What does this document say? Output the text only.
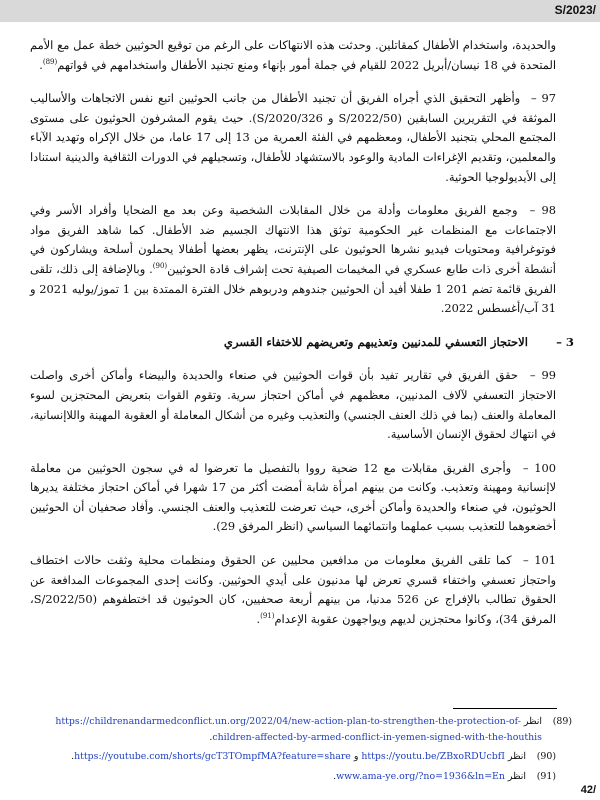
S/2023/

والحديدة، واستخدام الأطفال كمقاتلين. وحدثت هذه الانتهاكات على الرغم من توقيع الحوثيين خطة عمل مع الأمم المتحدة في 18 نيسان/أبريل 2022 للقيام في جملة أمور بإنهاء ومنع تجنيد الأطفال واستخدامهم في قواتهم$^{(89)}$.

97 – وأظهر التحقيق الذي أجراه الفريق أن تجنيد الأطفال من جانب الحوثيين اتبع نفس الاتجاهات والأساليب الموثقة في التقريرين السابقين (S/2022/50 و S/2020/326). حيث يقوم المشرفون الحوثيون على مستوى المجتمع المحلي بتجنيد الأطفال، ومعظمهم في الفئة العمرية من 13 إلى 17 عاما، من خلال الإكراه وتهديد الآباء والمعلمين، وتقديم الإغراءات المادية والوعود بالاستشهاد للأطفال، وتسجيلهم في الدورات الثقافية والدينية استنادا إلى الأيديولوجيا الحوثية.

98 – وجمع الفريق معلومات وأدلة من خلال المقابلات الشخصية وعن بعد مع الضحايا وأفراد الأسر وفي الاجتماعات مع المنظمات غير الحكومية توثق هذا الانتهاك الجسيم ضد الأطفال. كما شاهد الفريق مواد فوتوغرافية ومحتويات فيديو نشرها الحوثيون على الإنترنت، يظهر بعضها أطفالا يحملون أسلحة ويشاركون في أنشطة أخرى ذات طابع عسكري في المخيمات الصيفية تحت إشراف قادة الحوثيين$^{(90)}$. وبالإضافة إلى ذلك، تلقى الفريق قائمة تضم 201 1 طفلا أفيد أن الحوثيين جندوهم ودربوهم خلال الفترة الممتدة بين 1 تموز/يوليه 2021 و 31 آب/أغسطس 2022.

3 –
الاحتجاز التعسفي للمدنيين وتعذيبهم وتعريضهم للاختفاء القسري

99 – حقق الفريق في تقارير تفيد بأن قوات الحوثيين في صنعاء والحديدة والبيضاء وأماكن أخرى واصلت الاحتجاز التعسفي لآلاف المدنيين، معظمهم في أماكن احتجاز سرية. وتقوم القوات بتعريض المحتجزين لسوء المعاملة والعنف (بما في ذلك العنف الجنسي) والتعذيب وغيره من أشكال المعاملة أو العقوبة المهينة واللاإنسانية، في انتهاك لحقوق الإنسان الأساسية.

100 – وأجرى الفريق مقابلات مع 12 ضحية رووا بالتفصيل ما تعرضوا له في سجون الحوثيين من معاملة لاإنسانية ومهينة وتعذيب. وكانت من بينهم امرأة شابة أمضت أكثر من 17 شهرا في أماكن احتجاز مختلفة يديرها الحوثيون، في صنعاء والحديدة وأماكن أخرى، حيث تعرضت للتعذيب والعنف الجنسي. وأفاد صحفيان أن الحوثيين أخضعوهما للتعذيب بسبب عملهما وانتمائهما السياسي (انظر المرفق 29).

101 – كما تلقى الفريق معلومات من مدافعين محليين عن الحقوق ومنظمات محلية وثقت حالات اختطاف واحتجاز تعسفي واختفاء قسري تعرض لها مدنيون على أيدي الحوثيين. وكانت إحدى المجموعات المدافعة عن الحقوق تطالب بالإفراج عن 526 مدنيا، من بينهم أربعة صحفيين، كان الحوثيون قد اختطفوهم (S/2022/50، المرفق 34)، وكانوا محتجزين لديهم ويواجهون عقوبة الإعدام$^{(91)}$.

(89)
انظر https://childrenandarmedconflict.un.org/2022/04/new-action-plan-to-strengthen-the-protection-of-children-affected-by-armed-conflict-in-yemen-signed-with-the-houthis.
(90)
انظر https://youtu.be/ZBxoRDUcbfI و https://youtube.com/shorts/gcT3TOmpfMA?feature=share.
(91)
انظر www.ama-ye.org/?no=1936&ln=En.
42/
